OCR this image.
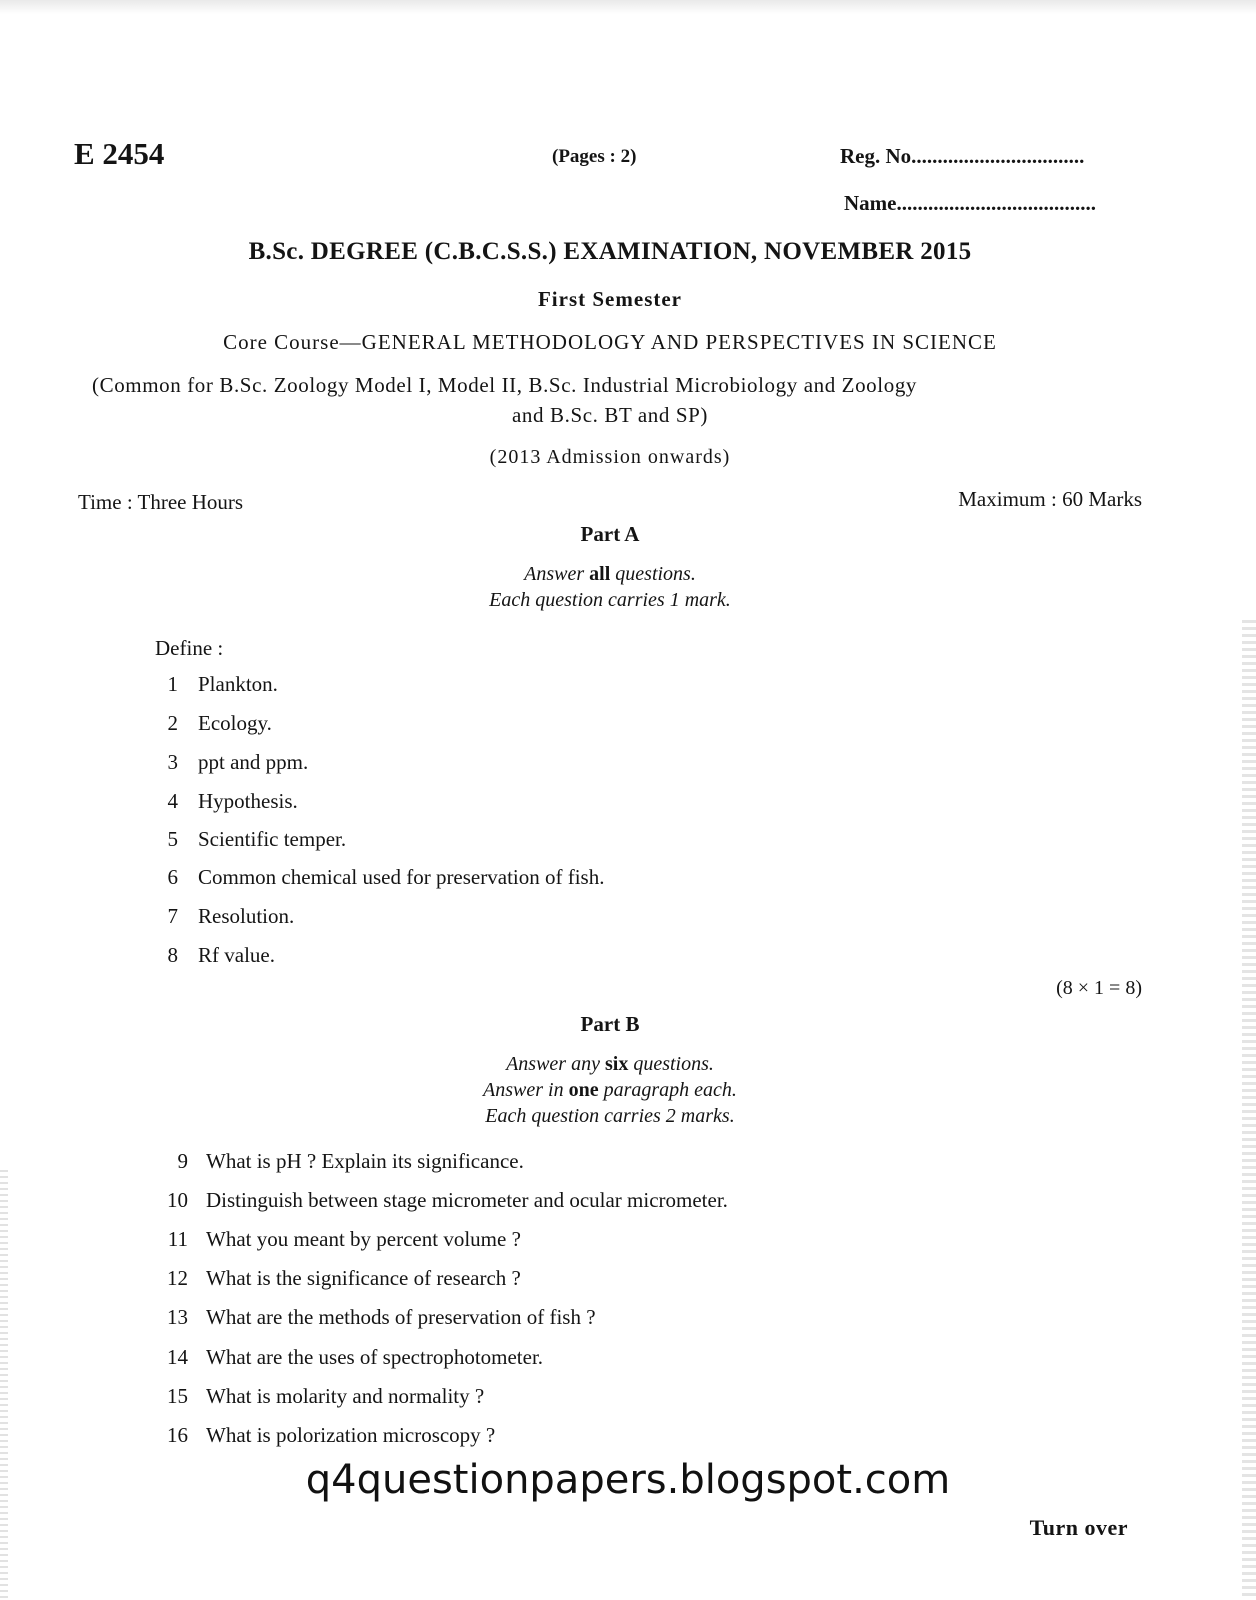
E 2454	(Pages : 2)	Reg. No.................................
Name......................................
B.Sc. DEGREE (C.B.C.S.S.) EXAMINATION, NOVEMBER 2015
First Semester
Core Course—GENERAL METHODOLOGY AND PERSPECTIVES IN SCIENCE
(Common for B.Sc. Zoology Model I, Model II, B.Sc. Industrial Microbiology and Zoology
and B.Sc. BT and SP)
(2013 Admission onwards)
Time : Three Hours	Maximum : 60 Marks
Part A
Answer all questions.
Each question carries 1 mark.
Define :
1 Plankton.
2 Ecology.
3 ppt and ppm.
4 Hypothesis.
5 Scientific temper.
6 Common chemical used for preservation of fish.
7 Resolution.
8 Rf value.
(8 × 1 = 8)
Part B
Answer any six questions.
Answer in one paragraph each.
Each question carries 2 marks.
9 What is pH ? Explain its significance.
10 Distinguish between stage micrometer and ocular micrometer.
11 What you meant by percent volume ?
12 What is the significance of research ?
13 What are the methods of preservation of fish ?
14 What are the uses of spectrophotometer.
15 What is molarity and normality ?
16 What is polorization microscopy ?
q4questionpapers.blogspot.com
Turn over
